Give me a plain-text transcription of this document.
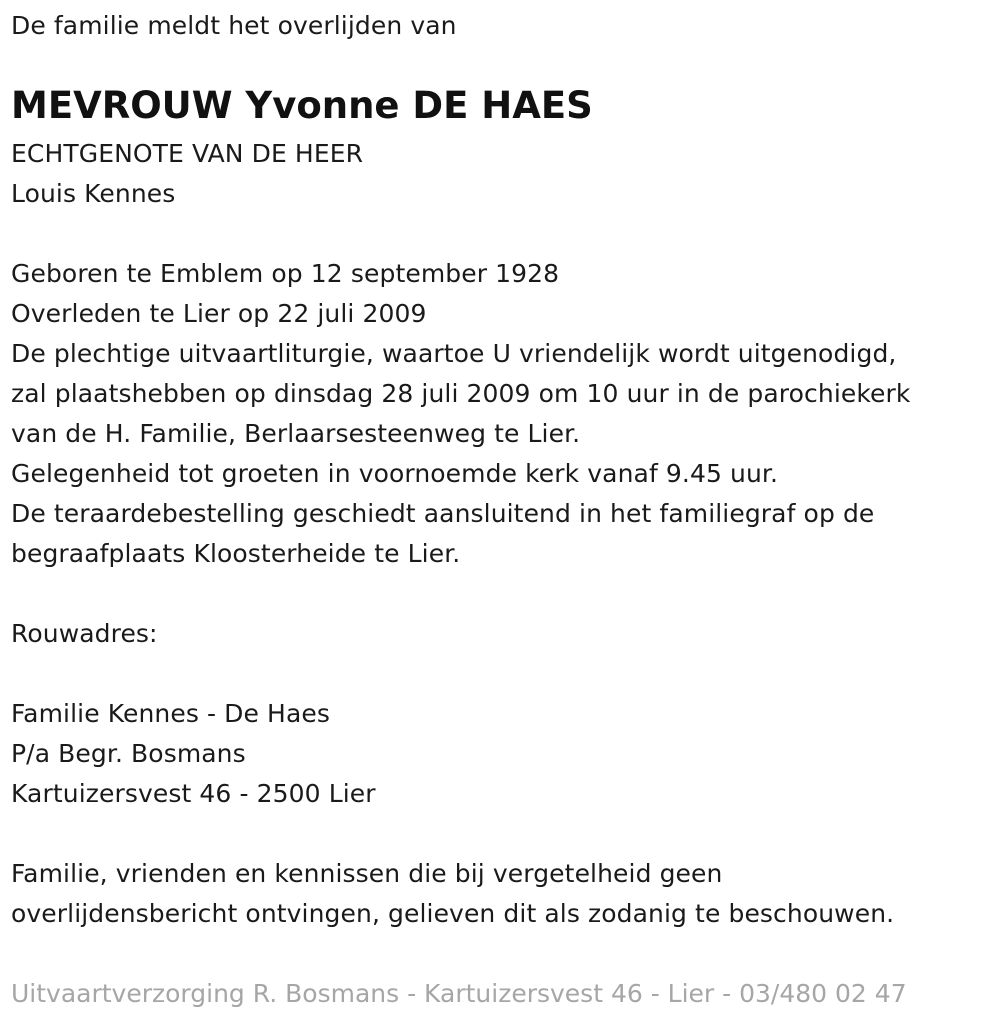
De familie meldt het overlijden van
MEVROUW Yvonne DE HAES
ECHTGENOTE VAN DE HEER
Louis Kennes
Geboren te Emblem op 12 september 1928
Overleden te Lier op 22 juli 2009
De plechtige uitvaartliturgie, waartoe U vriendelijk wordt uitgenodigd,
zal plaatshebben op dinsdag 28 juli 2009 om 10 uur in de parochiekerk
van de H. Familie, Berlaarsesteenweg te Lier.
Gelegenheid tot groeten in voornoemde kerk vanaf 9.45 uur.
De teraardebestelling geschiedt aansluitend in het familiegraf op de
begraafplaats Kloosterheide te Lier.
Rouwadres:
Familie Kennes - De Haes
P/a Begr. Bosmans
Kartuizersvest 46 - 2500 Lier
Familie, vrienden en kennissen die bij vergetelheid geen
overlijdensbericht ontvingen, gelieven dit als zodanig te beschouwen.
Uitvaartverzorging R. Bosmans - Kartuizersvest 46 - Lier - 03/480 02 47
